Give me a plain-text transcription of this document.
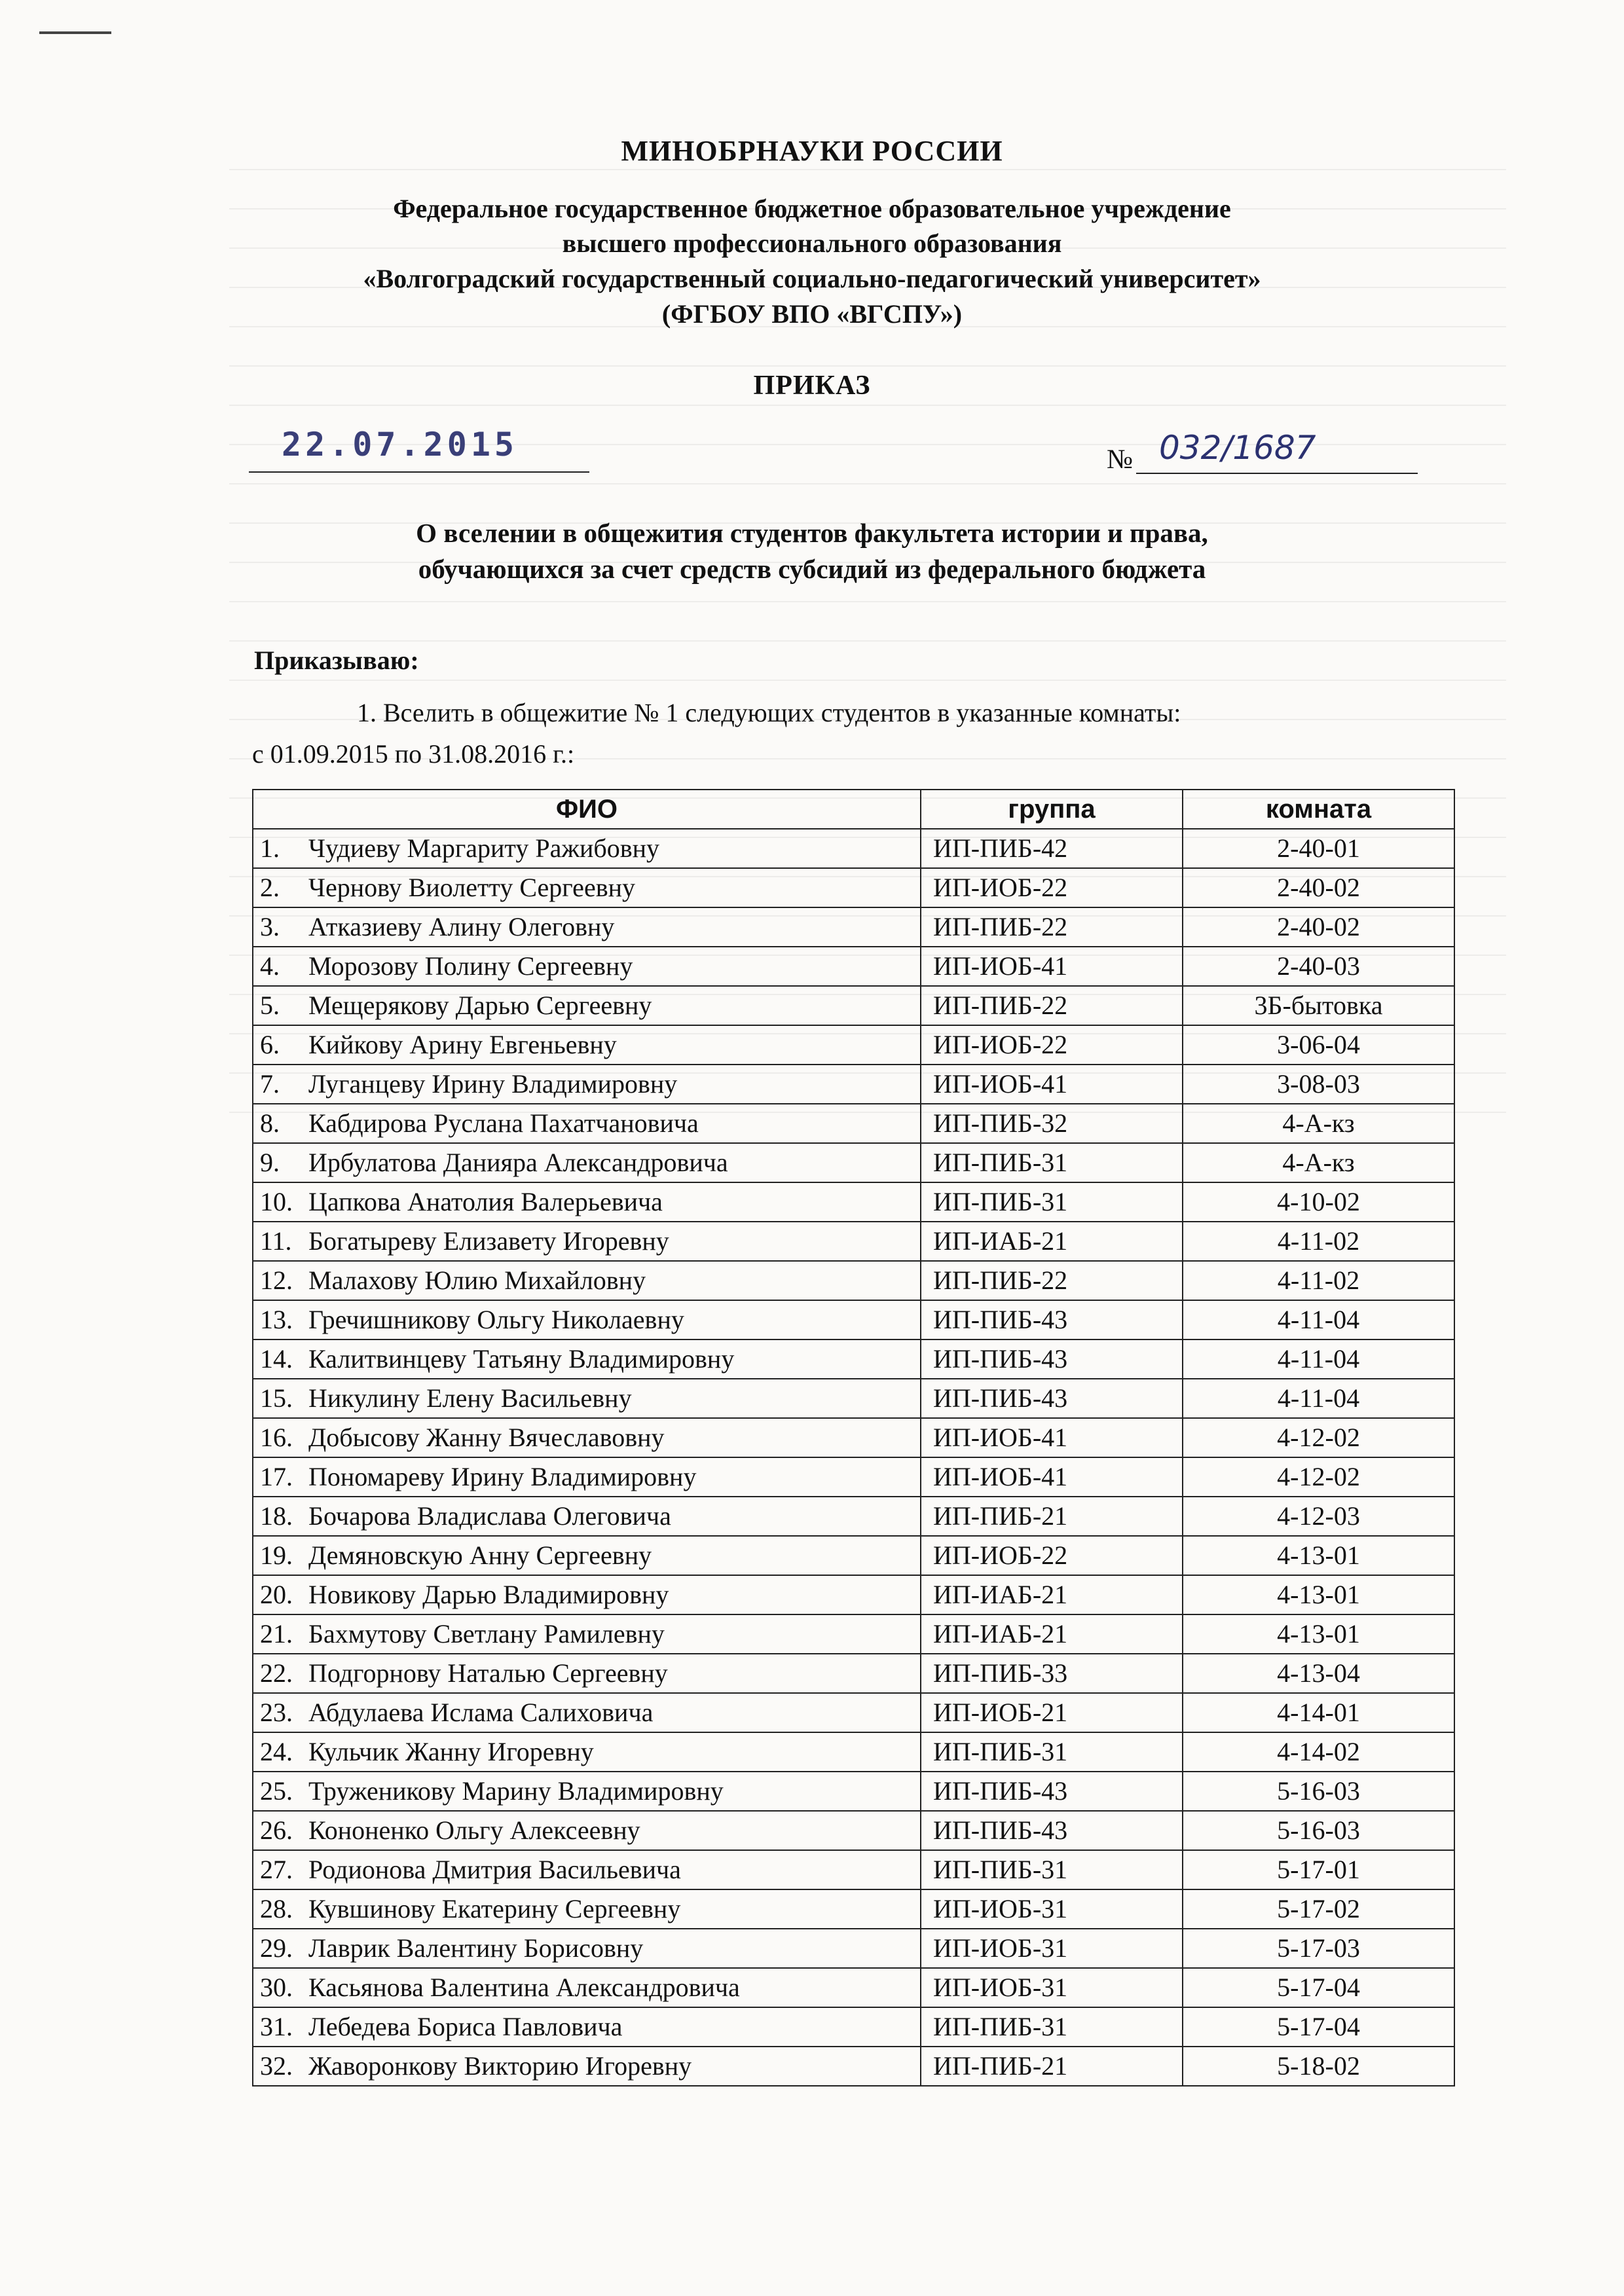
МИНОБРНАУКИ РОССИИ
Федеральное государственное бюджетное образовательное учреждение
высшего профессионального образования
«Волгоградский государственный социально-педагогический университет»
(ФГБОУ ВПО «ВГСПУ»)
ПРИКАЗ
22.07.2015	№ 032/1687
О вселении в общежития студентов факультета истории и права,
обучающихся за счет средств субсидий из федерального бюджета
Приказываю:
1. Вселить в общежитие № 1 следующих студентов в указанные комнаты:
с 01.09.2015 по 31.08.2016 г.:
ФИО	группа	комната
1. Чудиеву Маргариту Ражибовну	ИП-ПИБ-42	2-40-01
2. Чернову Виолетту Сергеевну	ИП-ИОБ-22	2-40-02
3. Атказиеву Алину Олеговну	ИП-ПИБ-22	2-40-02
4. Морозову Полину Сергеевну	ИП-ИОБ-41	2-40-03
5. Мещерякову Дарью Сергеевну	ИП-ПИБ-22	3Б-бытовка
6. Кийкову Арину Евгеньевну	ИП-ИОБ-22	3-06-04
7. Луганцеву Ирину Владимировну	ИП-ИОБ-41	3-08-03
8. Кабдирова Руслана Пахатчановича	ИП-ПИБ-32	4-А-кз
9. Ирбулатова Данияра Александровича	ИП-ПИБ-31	4-А-кз
10. Цапкова Анатолия Валерьевича	ИП-ПИБ-31	4-10-02
11. Богатыреву Елизавету Игоревну	ИП-ИАБ-21	4-11-02
12. Малахову Юлию Михайловну	ИП-ПИБ-22	4-11-02
13. Гречишникову Ольгу Николаевну	ИП-ПИБ-43	4-11-04
14. Калитвинцеву Татьяну Владимировну	ИП-ПИБ-43	4-11-04
15. Никулину Елену Васильевну	ИП-ПИБ-43	4-11-04
16. Добысову Жанну Вячеславовну	ИП-ИОБ-41	4-12-02
17. Пономареву Ирину Владимировну	ИП-ИОБ-41	4-12-02
18. Бочарова Владислава Олеговича	ИП-ПИБ-21	4-12-03
19. Демяновскую Анну Сергеевну	ИП-ИОБ-22	4-13-01
20. Новикову Дарью Владимировну	ИП-ИАБ-21	4-13-01
21. Бахмутову Светлану Рамилевну	ИП-ИАБ-21	4-13-01
22. Подгорнову Наталью Сергеевну	ИП-ПИБ-33	4-13-04
23. Абдулаева Ислама Салиховича	ИП-ИОБ-21	4-14-01
24. Кульчик Жанну Игоревну	ИП-ПИБ-31	4-14-02
25. Труженикову Марину Владимировну	ИП-ПИБ-43	5-16-03
26. Кононенко Ольгу Алексеевну	ИП-ПИБ-43	5-16-03
27. Родионова Дмитрия Васильевича	ИП-ПИБ-31	5-17-01
28. Кувшинову Екатерину Сергеевну	ИП-ИОБ-31	5-17-02
29. Лаврик Валентину Борисовну	ИП-ИОБ-31	5-17-03
30. Касьянова Валентина Александровича	ИП-ИОБ-31	5-17-04
31. Лебедева Бориса Павловича	ИП-ПИБ-31	5-17-04
32. Жаворонкову Викторию Игоревну	ИП-ПИБ-21	5-18-02
